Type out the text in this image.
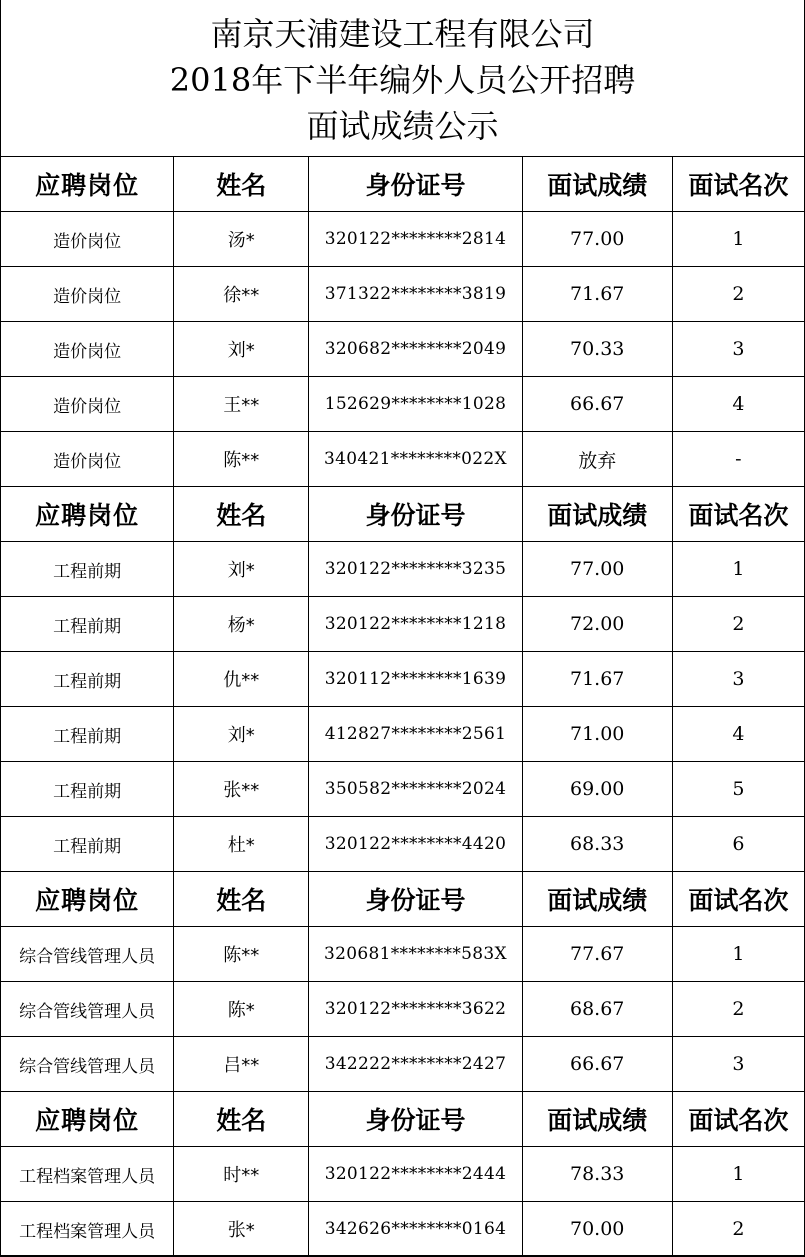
南京天浦建设工程有限公司
2018年下半年编外人员公开招聘
面试成绩公示
应聘岗位	姓名	身份证号	面试成绩	面试名次
造价岗位	汤*	320122********2814	77.00	1
造价岗位	徐**	371322********3819	71.67	2
造价岗位	刘*	320682********2049	70.33	3
造价岗位	王**	152629********1028	66.67	4
造价岗位	陈**	340421********022X	放弃	-
应聘岗位	姓名	身份证号	面试成绩	面试名次
工程前期	刘*	320122********3235	77.00	1
工程前期	杨*	320122********1218	72.00	2
工程前期	仇**	320112********1639	71.67	3
工程前期	刘*	412827********2561	71.00	4
工程前期	张**	350582********2024	69.00	5
工程前期	杜*	320122********4420	68.33	6
应聘岗位	姓名	身份证号	面试成绩	面试名次
综合管线管理人员	陈**	320681********583X	77.67	1
综合管线管理人员	陈*	320122********3622	68.67	2
综合管线管理人员	吕**	342222********2427	66.67	3
应聘岗位	姓名	身份证号	面试成绩	面试名次
工程档案管理人员	时**	320122********2444	78.33	1
工程档案管理人员	张*	342626********0164	70.00	2
